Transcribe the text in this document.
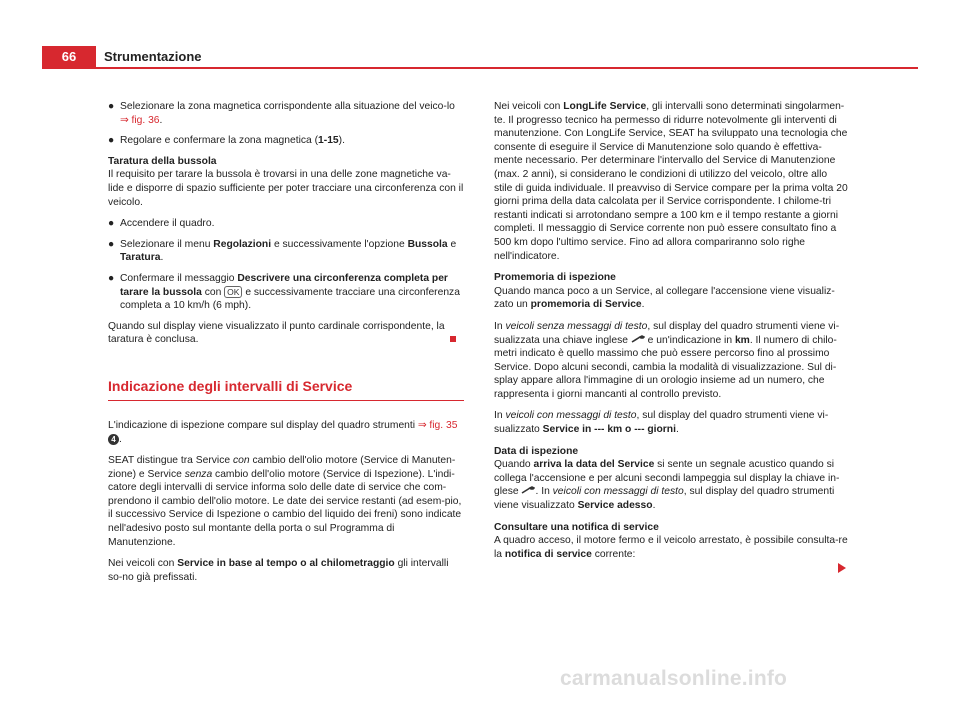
66	Strumentazione
● Selezionare la zona magnetica corrispondente alla situazione del veico-lo ⇒ fig. 36.
● Regolare e confermare la zona magnetica (1-15).

Taratura della bussola

Il requisito per tarare la bussola è trovarsi in una delle zone magnetiche va-lide e disporre di spazio sufficiente per poter tracciare una circonferenza con il veicolo.

● Accendere il quadro.
● Selezionare il menu Regolazioni e successivamente l'opzione Bussola e Taratura.
● Confermare il messaggio Descrivere una circonferenza completa per tarare la bussola con OK e successivamente tracciare una circonferenza completa a 10 km/h (6 mph).

Quando sul display viene visualizzato il punto cardinale corrispondente, la taratura è conclusa.

Indicazione degli intervalli di Service

L'indicazione di ispezione compare sul display del quadro strumenti ⇒ fig. 35 4 .

SEAT distingue tra Service con cambio dell'olio motore (Service di Manuten-zione) e Service senza cambio dell'olio motore (Service di Ispezione). L'indi-catore degli intervalli di service informa solo delle date di service che com-prendono il cambio dell'olio motore. Le date dei service restanti (ad esem-pio, il successivo Service di Ispezione o cambio del liquido dei freni) sono indicate nell'adesivo posto sul montante della porta o sul Programma di Manutenzione.

Nei veicoli con Service in base al tempo o al chilometraggio gli intervalli so-no già prefissati.

Nei veicoli con LongLife Service, gli intervalli sono determinati singolarmen-te. Il progresso tecnico ha permesso di ridurre notevolmente gli interventi di manutenzione. Con LongLife Service, SEAT ha sviluppato una tecnologia che consente di eseguire il Service di Manutenzione solo quando è effettiva-mente necessario. Per determinare l'intervallo del Service di Manutenzione (max. 2 anni), si considerano le condizioni di utilizzo del veicolo, oltre allo stile di guida individuale. Il preavviso di Service compare per la prima volta 20 giorni prima della data calcolata per il Service corrispondente. I chilome-tri restanti indicati si arrotondano sempre a 100 km e il tempo restante a giorni completi. Il messaggio di Service corrente non può essere consultato fino a 500 km dopo l'ultimo service. Fino ad allora compariranno solo righe nell'indicatore.

Promemoria di ispezione

Quando manca poco a un Service, al collegare l'accensione viene visualiz-zato un promemoria di Service.

In veicoli senza messaggi di testo, sul display del quadro strumenti viene vi-sualizzata una chiave inglese  e un'indicazione in km. Il numero di chilo-metri indicato è quello massimo che può essere percorso fino al prossimo Service. Dopo alcuni secondi, cambia la modalità di visualizzazione. Sul di-splay appare allora l'immagine di un orologio insieme ad un numero, che rappresenta i giorni mancanti al controllo previsto.

In veicoli con messaggi di testo, sul display del quadro strumenti viene vi-sualizzato Service in --- km o --- giorni.

Data di ispezione

Quando arriva la data del Service si sente un segnale acustico quando si collega l'accensione e per alcuni secondi lampeggia sul display la chiave in-glese . In veicoli con messaggi di testo, sul display del quadro strumenti viene visualizzato Service adesso.

Consultare una notifica di service

A quadro acceso, il motore fermo e il veicolo arrestato, è possibile consulta-re la notifica di service corrente:

carmanualsonline.info
